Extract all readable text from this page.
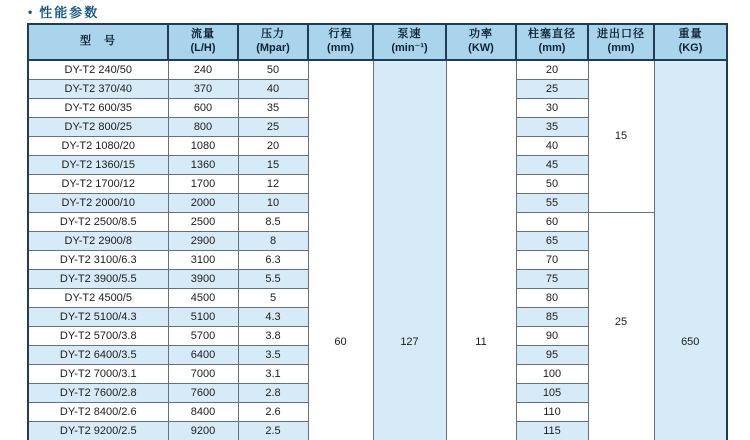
• 性能参数
型　号

流量
(L/H)

压力
(Mpar)

行程
(mm)

泵速
(min⁻¹)

功率
(KW)

柱塞直径
(mm)

进出口径
(mm)

重量
(KG)

DY-T2 240/50	240	50	60	127	11	20	15	650
DY-T2 370/40	370	40				25		
DY-T2 600/35	600	35				30		
DY-T2 800/25	800	25				35		
DY-T2 1080/20	1080	20				40		
DY-T2 1360/15	1360	15				45		
DY-T2 1700/12	1700	12				50		
DY-T2 2000/10	2000	10				55		
DY-T2 2500/8.5	2500	8.5				60	25	
DY-T2 2900/8	2900	8				65		
DY-T2 3100/6.3	3100	6.3				70		
DY-T2 3900/5.5	3900	5.5				75		
DY-T2 4500/5	4500	5				80		
DY-T2 5100/4.3	5100	4.3				85		
DY-T2 5700/3.8	5700	3.8				90		
DY-T2 6400/3.5	6400	3.5				95		
DY-T2 7000/3.1	7000	3.1				100		
DY-T2 7600/2.8	7600	2.8				105		
DY-T2 8400/2.6	8400	2.6				110		
DY-T2 9200/2.5	9200	2.5				115		
